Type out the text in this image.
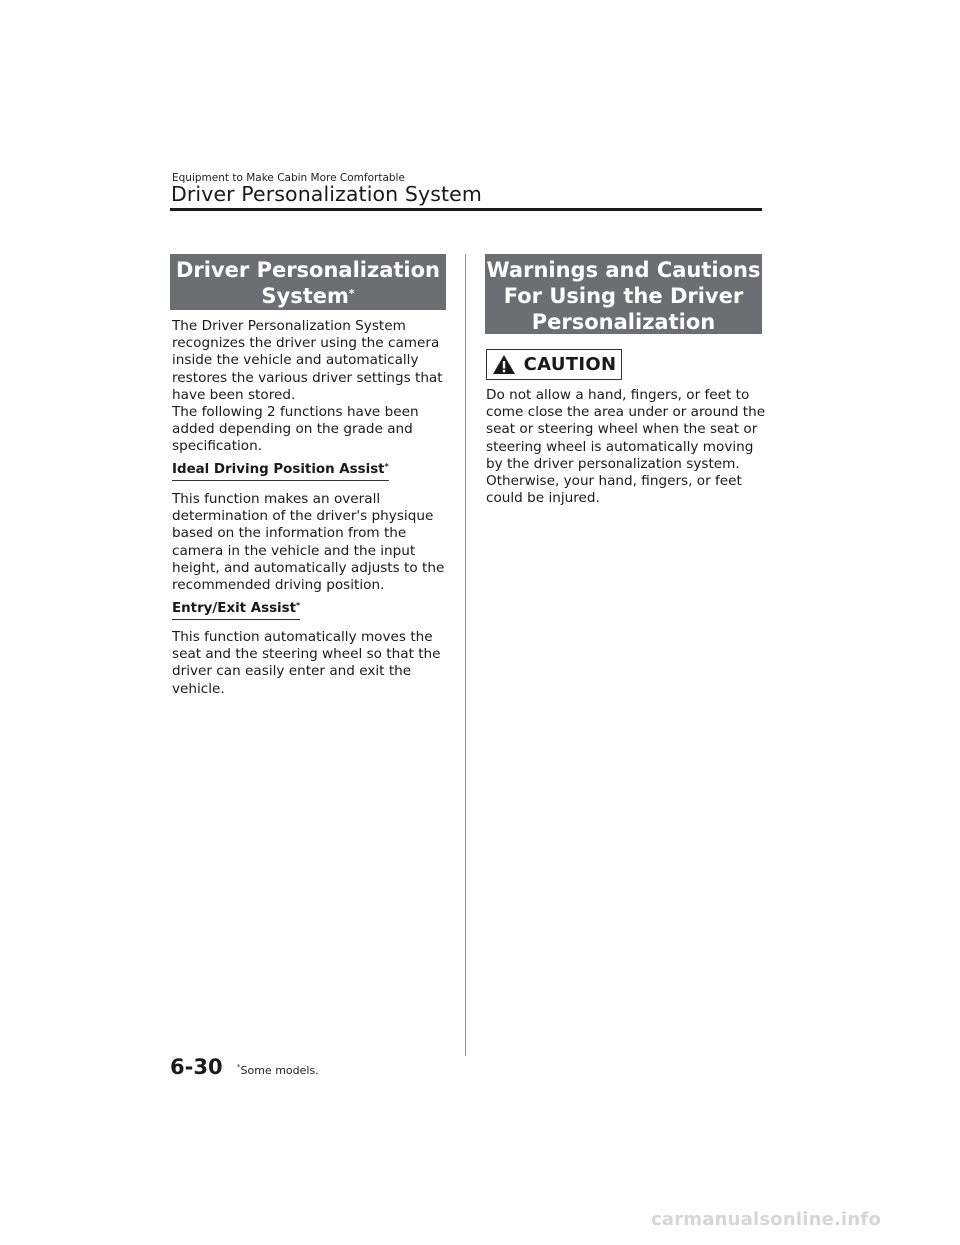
Equipment to Make Cabin More Comfortable
Driver Personalization System
Driver Personalization
System*

The Driver Personalization System recognizes the driver using the camera inside the vehicle and automatically restores the various driver settings that have been stored.
The following 2 functions have been added depending on the grade and specification.

Ideal Driving Position Assist*

This function makes an overall determination of the driver's physique based on the information from the camera in the vehicle and the input height, and automatically adjusts to the recommended driving position.

Entry/Exit Assist*

This function automatically moves the seat and the steering wheel so that the driver can easily enter and exit the vehicle.

Warnings and Cautions
For Using the Driver
Personalization System
CAUTION

Do not allow a hand, fingers, or feet to come close the area under or around the seat or steering wheel when the seat or steering wheel is automatically moving by the driver personalization system. Otherwise, your hand, fingers, or feet could be injured.

6-30 *Some models.
carmanualsonline.info
